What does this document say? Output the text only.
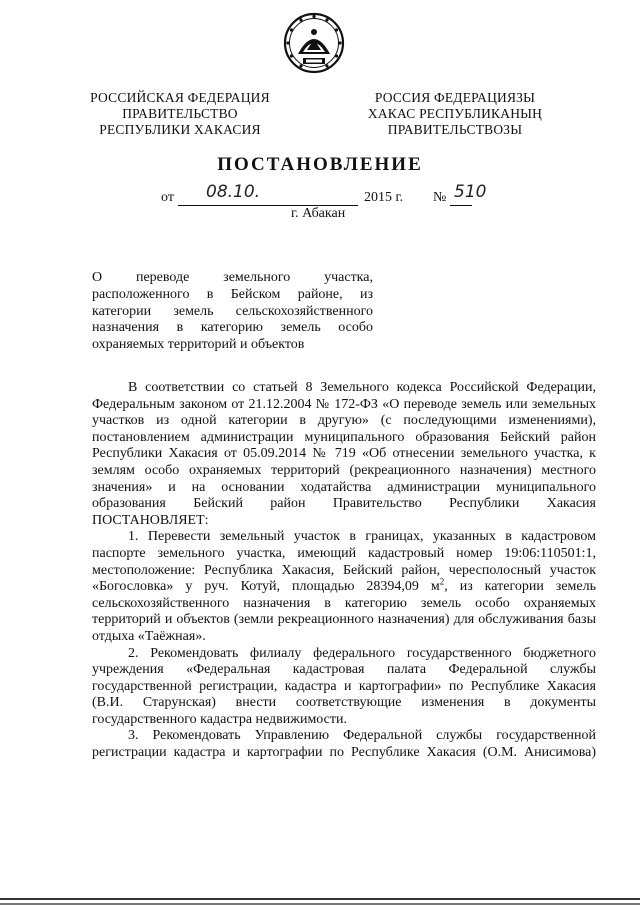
РОССИЙСКАЯ ФЕДЕРАЦИЯ
ПРАВИТЕЛЬСТВО
РЕСПУБЛИКИ ХАКАСИЯ
РОССИЯ ФЕДЕРАЦИЯЗЫ
ХАКАС РЕСПУБЛИКАНЫҢ
ПРАВИТЕЛЬСТВОЗЫ
ПОСТАНОВЛЕНИЕ
от 08.10.	2015 г. № 510
г. Абакан
О переводе земельного участка,
расположенного в Бейском районе, из
категории земель сельскохозяйственного
назначения в категорию земель особо
охраняемых территорий и объектов
В соответствии со статьей 8 Земельного кодекса Российской Федерации,
Федеральным законом от 21.12.2004 № 172-ФЗ «О переводе земель или земельных
участков из одной категории в другую» (с последующими изменениями),
постановлением администрации муниципального образования Бейский район
Республики Хакасия от 05.09.2014 № 719 «Об отнесении земельного участка, к
землям особо охраняемых территорий (рекреационного назначения) местного
значения» и на основании ходатайства администрации муниципального
образования Бейский район Правительство Республики Хакасия
ПОСТАНОВЛЯЕТ:
1. Перевести земельный участок в границах, указанных в кадастровом
паспорте земельного участка, имеющий кадастровый номер 19:06:110501:1,
местоположение: Республика Хакасия, Бейский район, чересполосный участок
«Богословка» у руч. Котуй, площадью 28394,09 $м^2$, из категории земель
сельскохозяйственного назначения в категорию земель особо охраняемых
территорий и объектов (земли рекреационного назначения) для обслуживания базы
отдыха «Таёжная».
2. Рекомендовать филиалу федерального государственного бюджетного
учреждения «Федеральная кадастровая палата Федеральной службы
государственной регистрации, кадастра и картографии» по Республике Хакасия
(В.И. Старунская) внести соответствующие изменения в документы
государственного кадастра недвижимости.
3. Рекомендовать Управлению Федеральной службы государственной
регистрации кадастра и картографии по Республике Хакасия (О.М. Анисимова)
